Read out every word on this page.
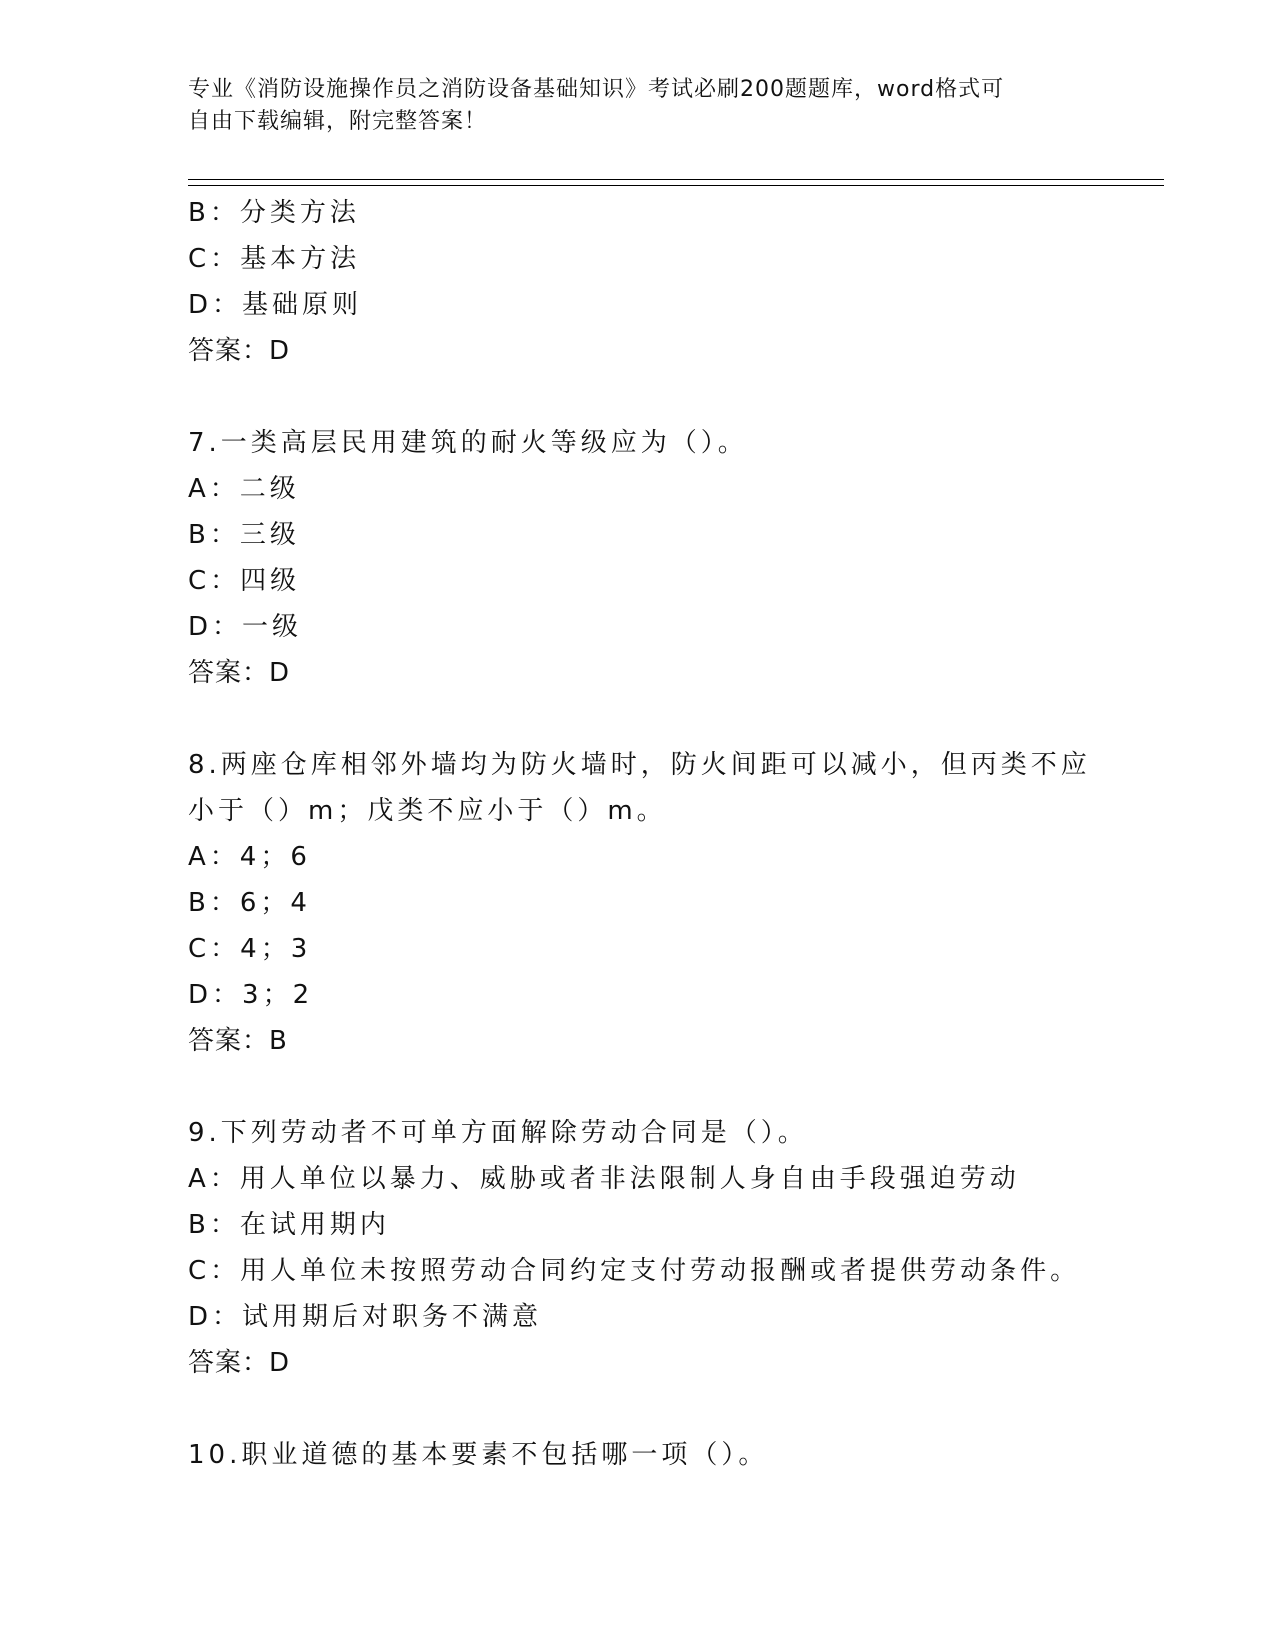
专业《消防设施操作员之消防设备基础知识》考试必刷200题题库，word格式可
自由下载编辑，附完整答案！
B：分类方法
C：基本方法
D：基础原则
答案：D
7.一类高层民用建筑的耐火等级应为（）。
A：二级
B：三级
C：四级
D：一级
答案：D
8.两座仓库相邻外墙均为防火墙时，防火间距可以减小，但丙类不应
小于（）m；戊类不应小于（）m。
A：4；6
B：6；4
C：4；3
D：3；2
答案：B
9.下列劳动者不可单方面解除劳动合同是（）。
A：用人单位以暴力、威胁或者非法限制人身自由手段强迫劳动
B：在试用期内
C：用人单位未按照劳动合同约定支付劳动报酬或者提供劳动条件。
D：试用期后对职务不满意
答案：D
10.职业道德的基本要素不包括哪一项（）。
